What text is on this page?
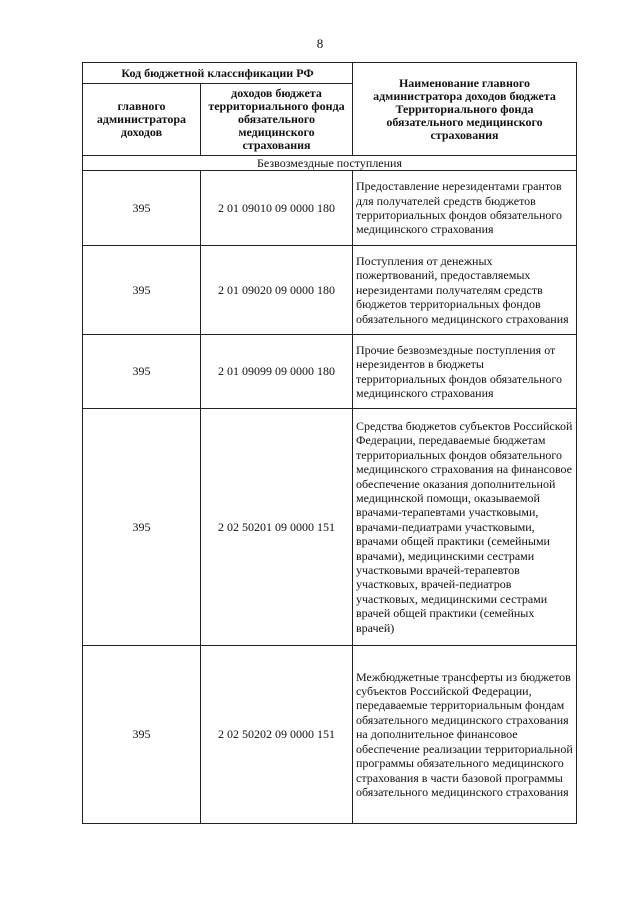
8
Код бюджетной классификации РФ		Наименование главного администратора доходов бюджета Территориального фонда обязательного медицинского страхования
главного администратора доходов	доходов бюджета территориального фонда обязательного медицинского страхования	
Безвозмездные поступления		
395	2 01 09010 09 0000 180	Предоставление нерезидентами грантов для получателей средств бюджетов территориальных фондов обязательного медицинского страхования
395	2 01 09020 09 0000 180	Поступления от денежных пожертвований, предоставляемых нерезидентами получателям средств бюджетов территориальных фондов обязательного медицинского страхования
395	2 01 09099 09 0000 180	Прочие безвозмездные поступления от нерезидентов в бюджеты территориальных фондов обязательного медицинского страхования
395	2 02 50201 09 0000 151	Средства бюджетов субъектов Российской Федерации, передаваемые бюджетам территориальных фондов обязательного медицинского страхования на финансовое обеспечение оказания дополнительной медицинской помощи, оказываемой врачами-терапевтами участковыми, врачами-педиатрами участковыми, врачами общей практики (семейными врачами), медицинскими сестрами участковыми врачей-терапевтов участковых, врачей-педиатров участковых, медицинскими сестрами врачей общей практики (семейных врачей)
395	2 02 50202 09 0000 151	Межбюджетные трансферты из бюджетов субъектов Российской Федерации, передаваемые территориальным фондам обязательного медицинского страхования на дополнительное финансовое обеспечение реализации территориальной программы обязательного медицинского страхования в части базовой программы обязательного медицинского страхования
